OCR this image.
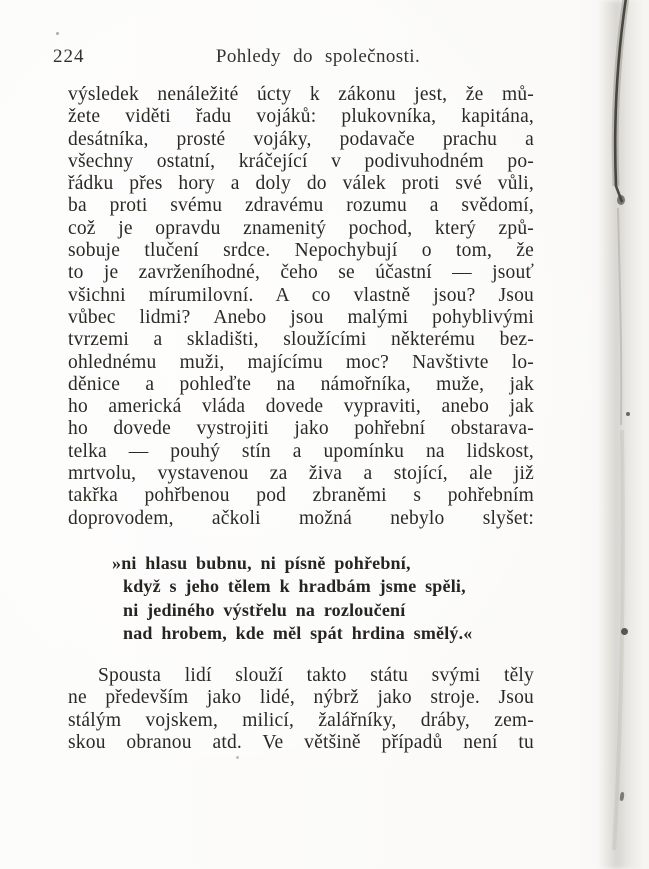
224	Pohledy do společnosti.
výsledek nenáležité úcty k zákonu jest, že mů-
žete viděti řadu vojáků: plukovníka, kapitána,
desátníka, prosté vojáky, podavače prachu a
všechny ostatní, kráčející v podivuhodném po-
řádku přes hory a doly do válek proti své vůli,
ba proti svému zdravému rozumu a svědomí,
což je opravdu znamenitý pochod, který způ-
sobuje tlučení srdce. Nepochybují o tom, že
to je zavrženíhodné, čeho se účastní — jsouť
všichni mírumilovní. A co vlastně jsou? Jsou
vůbec lidmi? Anebo jsou malými pohyblivými
tvrzemi a skladišti, sloužícími některému bez-
ohlednému muži, majícímu moc? Navštivte lo-
děnice a pohleďte na námořníka, muže, jak
ho americká vláda dovede vypraviti, anebo jak
ho dovede vystrojiti jako pohřební obstarava-
telka — pouhý stín a upomínku na lidskost,
mrtvolu, vystavenou za živa a stojící, ale již
takřka pohřbenou pod zbraněmi s pohřebním
doprovodem, ačkoli možná nebylo slyšet:
»ni hlasu bubnu, ni písně pohřební,
když s jeho tělem k hradbám jsme spěli,
ni jediného výstřelu na rozloučení
nad hrobem, kde měl spát hrdina smělý.«
Spousta lidí slouží takto státu svými těly
ne především jako lidé, nýbrž jako stroje. Jsou
stálým vojskem, milicí, žalářníky, dráby, zem-
skou obranou atd. Ve většině případů není tu
